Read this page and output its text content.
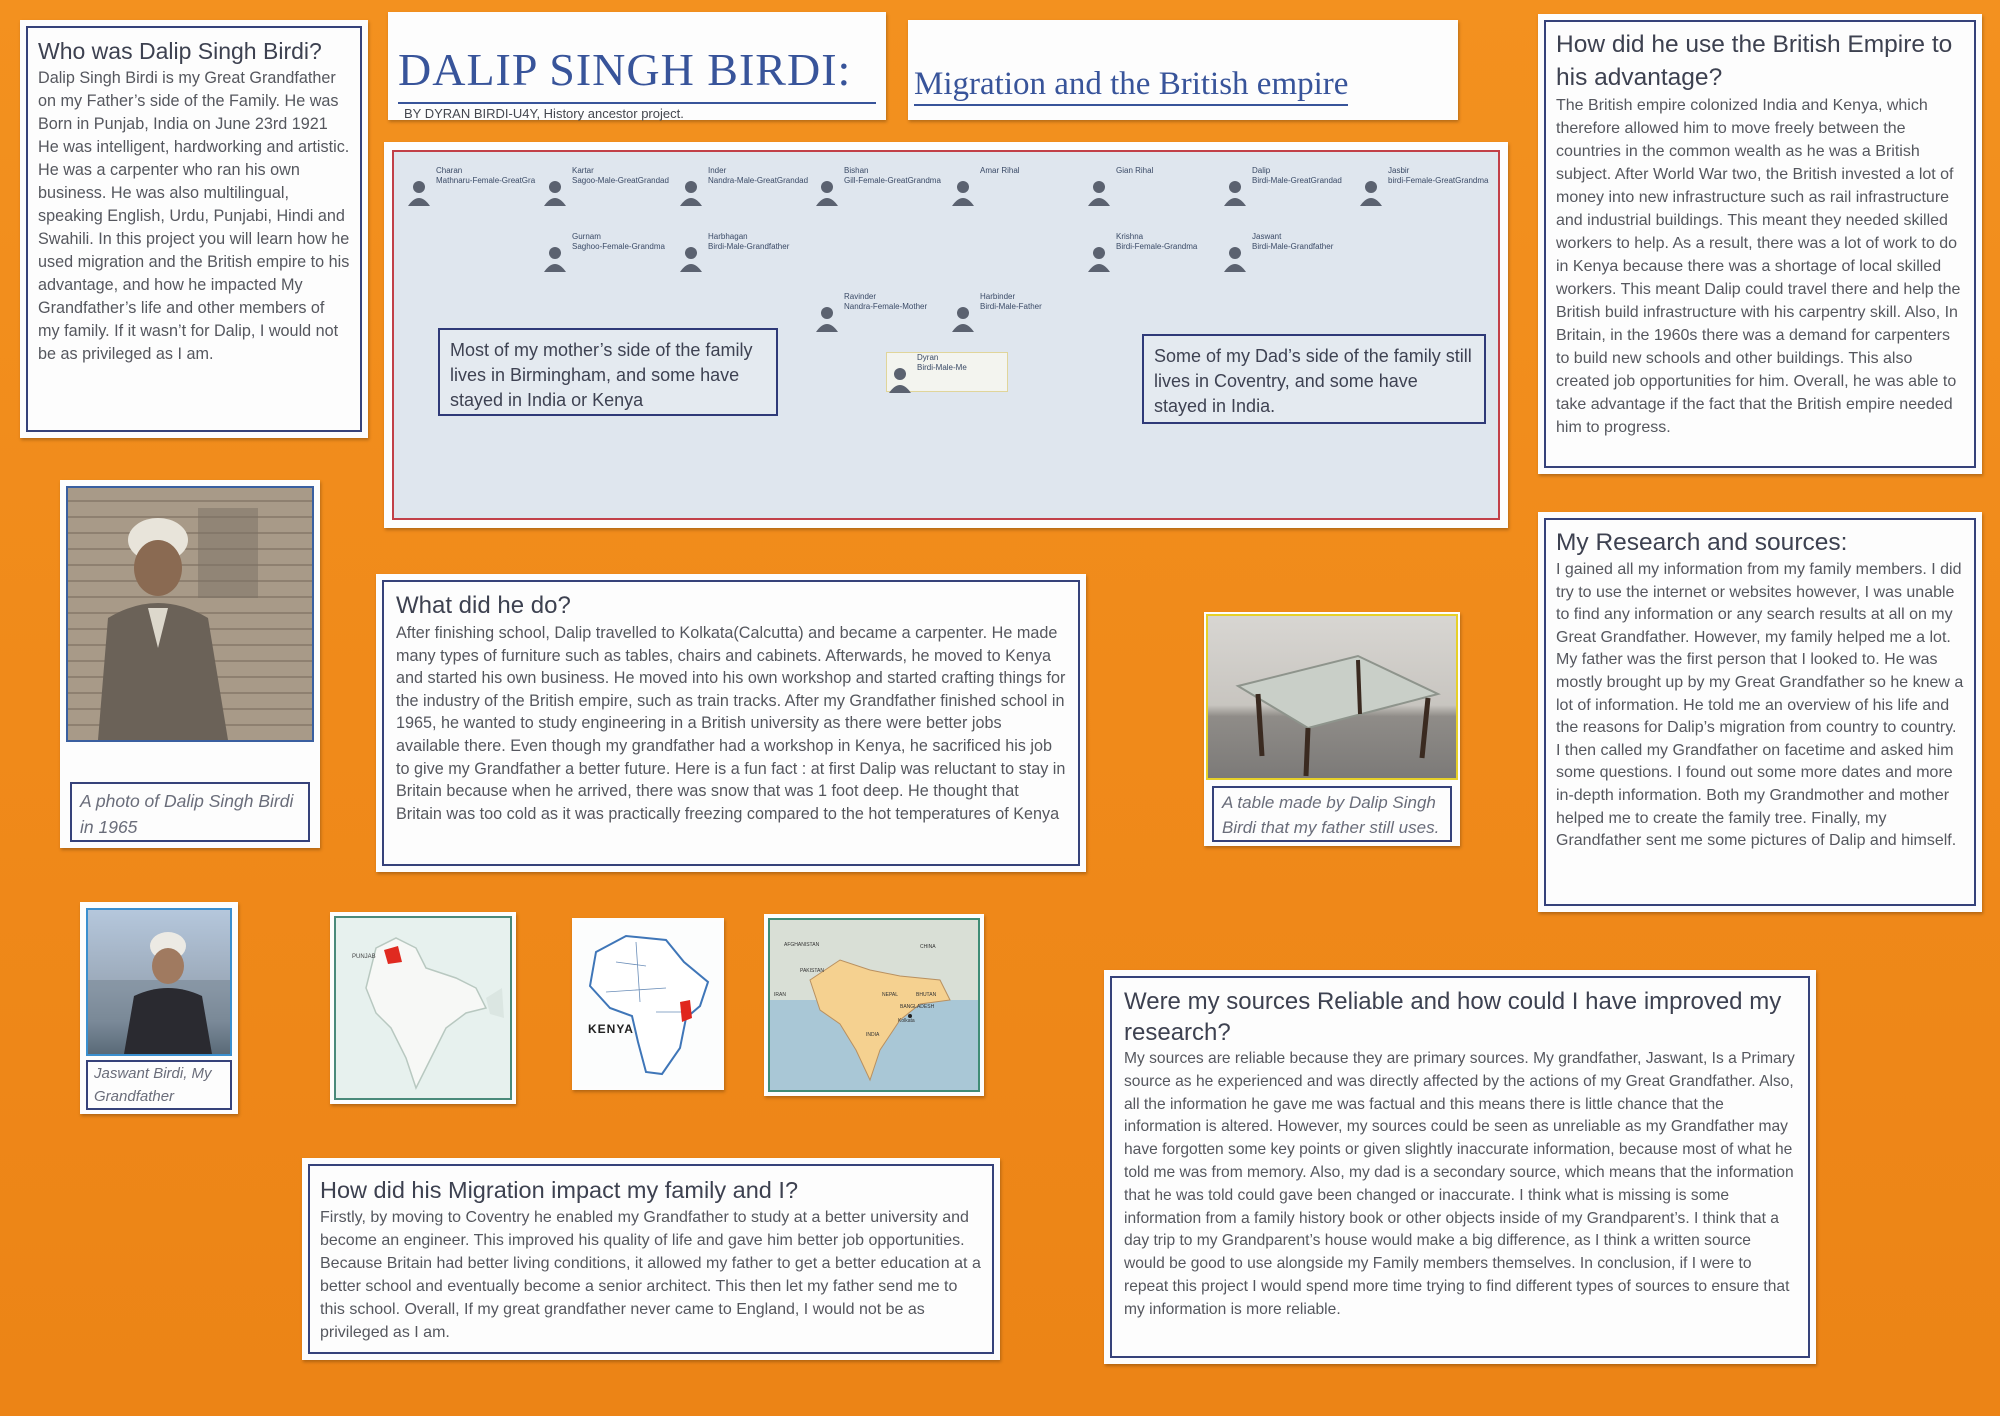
Who was Dalip Singh Birdi?

Dalip Singh Birdi is my Great Grandfather on my Father’s side of the Family. He was Born in Punjab, India on June 23rd 1921 He was intelligent, hardworking and artistic. He was a carpenter who ran his own business. He was also multilingual, speaking English, Urdu, Punjabi, Hindi and Swahili. In this project you will learn how he used migration and the British empire to his advantage, and how he impacted My Grandfather’s life and other members of my family. If it wasn’t for Dalip, I would not be as privileged as I am.

DALIP SINGH BIRDI:
BY DYRAN BIRDI-U4Y, History ancestor project.
Migration and the British empire

How did he use the British Empire to his advantage?

The British empire colonized India and Kenya, which therefore allowed him to move freely between the countries in the common wealth as he was a British subject. After World War two, the British invested a lot of money into new infrastructure such as rail infrastructure and industrial buildings. This meant they needed skilled workers to help. As a result, there was a lot of work to do in Kenya because there was a shortage of local skilled workers. This meant Dalip could travel there and help the British build infrastructure with his carpentry skill. Also, In Britain, in the 1960s there was a demand for carpenters to build new schools and other buildings. This also created job opportunities for him. Overall, he was able to take advantage if the fact that the British empire needed him to progress.

Charan
Mathnaru-Female-GreatGra
Kartar
Sagoo-Male-GreatGrandad
Inder
Nandra-Male-GreatGrandad
Bishan
Gill-Female-GreatGrandma
Amar Rihal	Gian Rihal	Dalip
Birdi-Male-GreatGrandad
Jasbir
birdi-Female-GreatGrandma
Gurnam
Saghoo-Female-Grandma
Harbhagan
Birdi-Male-Grandfather
Krishna
Birdi-Female-Grandma
Jaswant
Birdi-Male-Grandfather
Ravinder
Nandra-Female-Mother
Harbinder
Birdi-Male-Father
Dyran
Birdi-Male-Me
Most of my mother’s side of the family lives in Birmingham, and some have stayed in India or Kenya
Some of my Dad’s side of the family still lives in Coventry, and some have stayed in India.
A photo of Dalip Singh Birdi in 1965

What did he do?

After finishing school, Dalip travelled to Kolkata(Calcutta) and became a carpenter. He made many types of furniture such as tables, chairs and cabinets. Afterwards, he moved to Kenya and started his own business. He moved into his own workshop and started crafting things for the industry of the British empire, such as train tracks. After my Grandfather finished school in 1965, he wanted to study engineering in a British university as there were better jobs available there. Even though my grandfather had a workshop in Kenya, he sacrificed his job to give my Grandfather a better future. Here is a fun fact : at first Dalip was reluctant to stay in Britain because when he arrived, there was snow that was 1 foot deep. He thought that Britain was too cold as it was practically freezing compared to the hot temperatures of Kenya

A table made by Dalip Singh Birdi that my father still uses.

My Research and sources:

I gained all my information from my family members. I did try to use the internet or websites however, I was unable to find any information or any search results at all on my Great Grandfather. However, my family helped me a lot. My father was the first person that I looked to. He was mostly brought up by my Great Grandfather so he knew a lot of information. He told me an overview of his life and the reasons for Dalip’s migration from country to country. I then called my Grandfather on facetime and asked him some questions. I found out some more dates and more in-depth information. Both my Grandmother and mother helped me to create the family tree. Finally, my Grandfather sent me some pictures of Dalip and himself.

Jaswant Birdi, My Grandfather
PUNJAB
KENYA
AFGHANISTAN	CHINA
PAKISTAN
IRAN	NEPAL	BHUTAN
BANGLADESH
INDIA
Kolkata

Were my sources Reliable and how could I have improved my research?

My sources are reliable because they are primary sources. My grandfather, Jaswant, Is a Primary source as he experienced and was directly affected by the actions of my Great Grandfather. Also, all the information he gave me was factual and this means there is little chance that the information is altered. However, my sources could be seen as unreliable as my Grandfather may have forgotten some key points or given slightly inaccurate information, because most of what he told me was from memory. Also, my dad is a secondary source, which means that the information that he was told could gave been changed or inaccurate. I think what is missing is some information from a family history book or other objects inside of my Grandparent’s. I think that a day trip to my Grandparent’s house would make a big difference, as I think a written source would be good to use alongside my Family members themselves. In conclusion, if I were to repeat this project I would spend more time trying to find different types of sources to ensure that my information is more reliable.

How did his Migration impact my family and I?

Firstly, by moving to Coventry he enabled my Grandfather to study at a better university and become an engineer. This improved his quality of life and gave him better job opportunities. Because Britain had better living conditions, it allowed my father to get a better education at a better school and eventually become a senior architect. This then let my father send me to this school. Overall, If my great grandfather never came to England, I would not be as privileged as I am.
